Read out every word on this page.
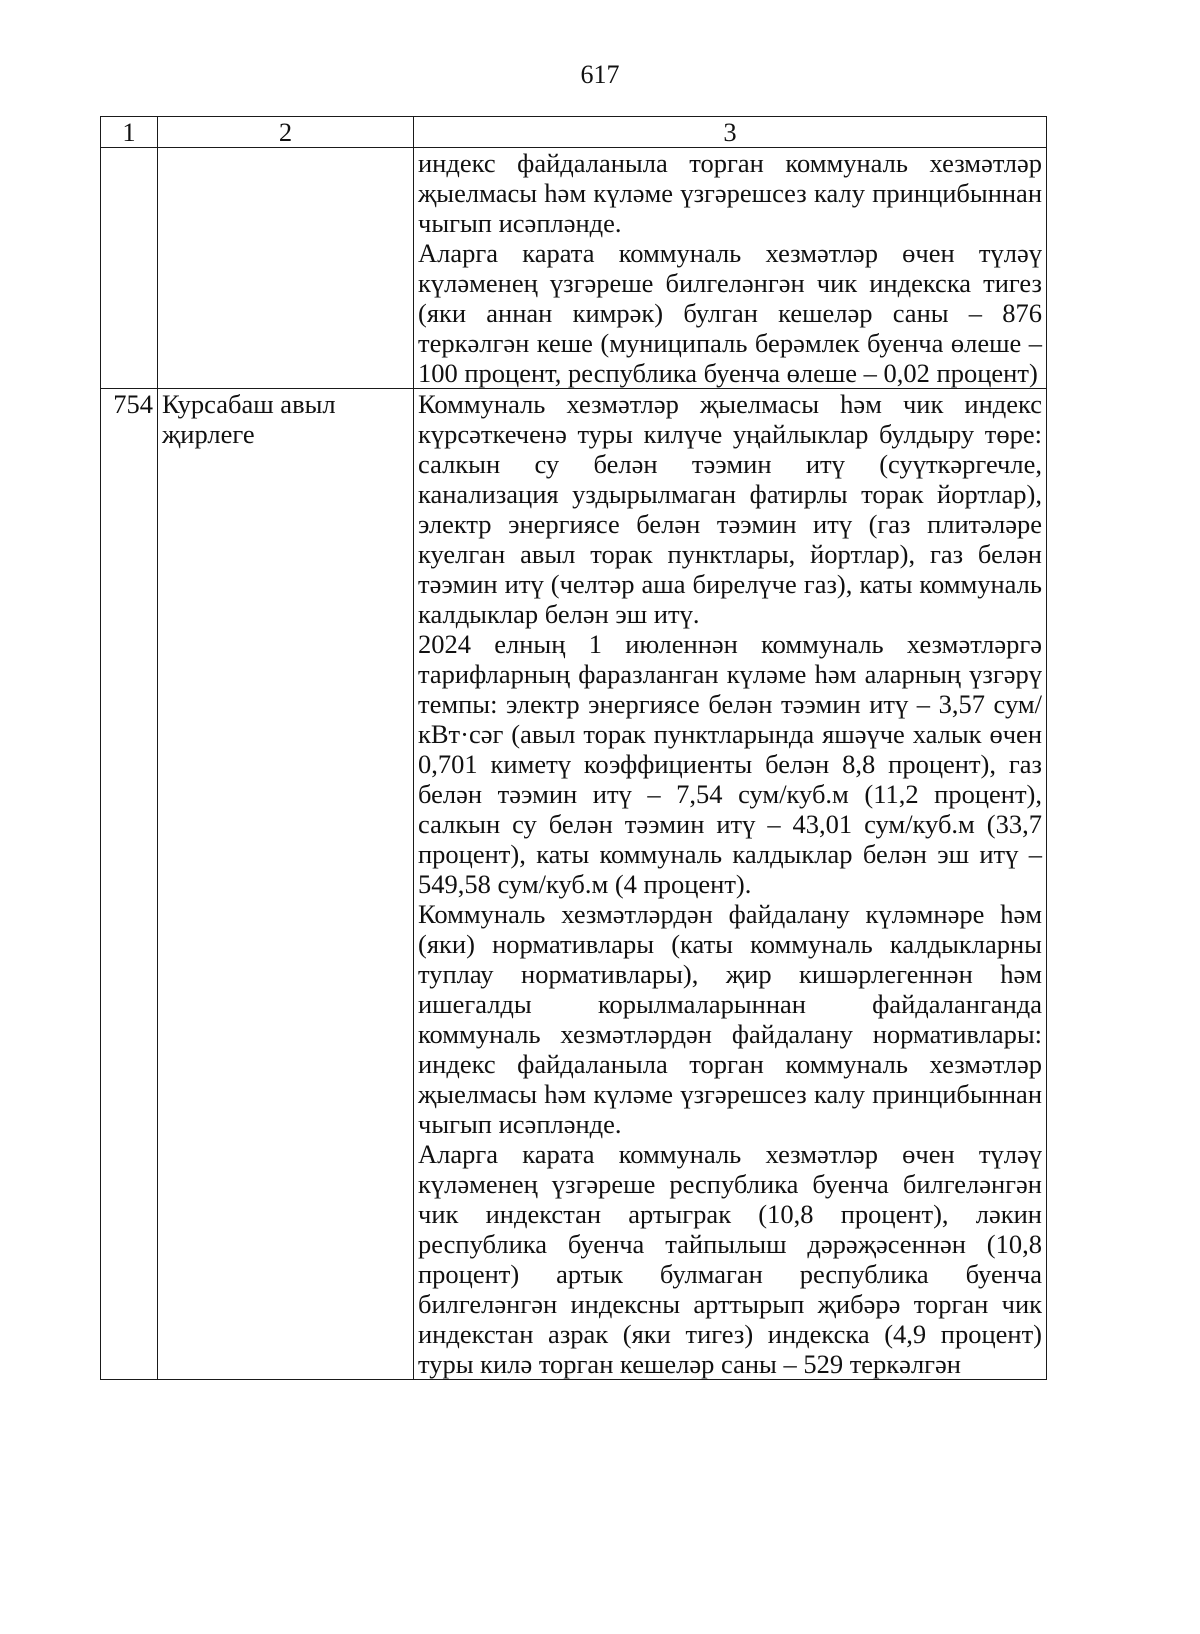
617
1	2	3

		индекс файдаланыла торган коммуналь хезмәтләр җыелмасы һәм күләме үзгәрешсез калу принцибыннан чыгып исәпләнде.

Аларга карата коммуналь хезмәтләр өчен түләү күләменең үзгәреше билгеләнгән чик индекска тигез (яки аннан кимрәк) булган кешеләр саны – 876 теркәлгән кеше (муниципаль берәмлек буенча өлеше – 100 процент, республика буенча өлеше – 0,02 процент)

754	Курсабаш авыл җирлеге	Коммуналь хезмәтләр җыелмасы һәм чик индекс күрсәткеченә туры килүче уңайлыклар булдыру төре: салкын су белән тәэмин итү (суүткәргечле, канализация уздырылмаган фатирлы торак йортлар), электр энергиясе белән тәэмин итү (газ плитәләре куелган авыл торак пунктлары, йортлар), газ белән тәэмин итү (челтәр аша бирелүче газ), каты коммуналь калдыклар белән эш итү.

2024 елның 1 июленнән коммуналь хезмәтләргә тарифларның фаразланган күләме һәм аларның үзгәрү темпы: электр энергиясе белән тәэмин итү – 3,57 сум/кВт·сәг (авыл торак пунктларында яшәүче халык өчен 0,701 киметү коэффициенты белән 8,8 процент), газ белән тәэмин итү – 7,54 сум/куб.м (11,2 процент), салкын су белән тәэмин итү – 43,01 сум/куб.м (33,7 процент), каты коммуналь калдыклар белән эш итү – 549,58 сум/куб.м (4 процент).

Коммуналь хезмәтләрдән файдалану күләмнәре һәм (яки) нормативлары (каты коммуналь калдыкларны туплау нормативлары), җир кишәрлегеннән һәм ишегалды корылмаларыннан файдаланганда коммуналь хезмәтләрдән файдалану нормативлары: индекс файдаланыла торган коммуналь хезмәтләр җыелмасы һәм күләме үзгәрешсез калу принцибыннан чыгып исәпләнде.

Аларга карата коммуналь хезмәтләр өчен түләү күләменең үзгәреше республика буенча билгеләнгән чик индекстан артыграк (10,8 процент), ләкин республика буенча тайпылыш дәрәҗәсеннән (10,8 процент) артык булмаган республика буенча билгеләнгән индексны арттырып җибәрә торган чик индекстан азрак (яки тигез) индекска (4,9 процент) туры килә торган кешеләр саны – 529 теркәлгән
